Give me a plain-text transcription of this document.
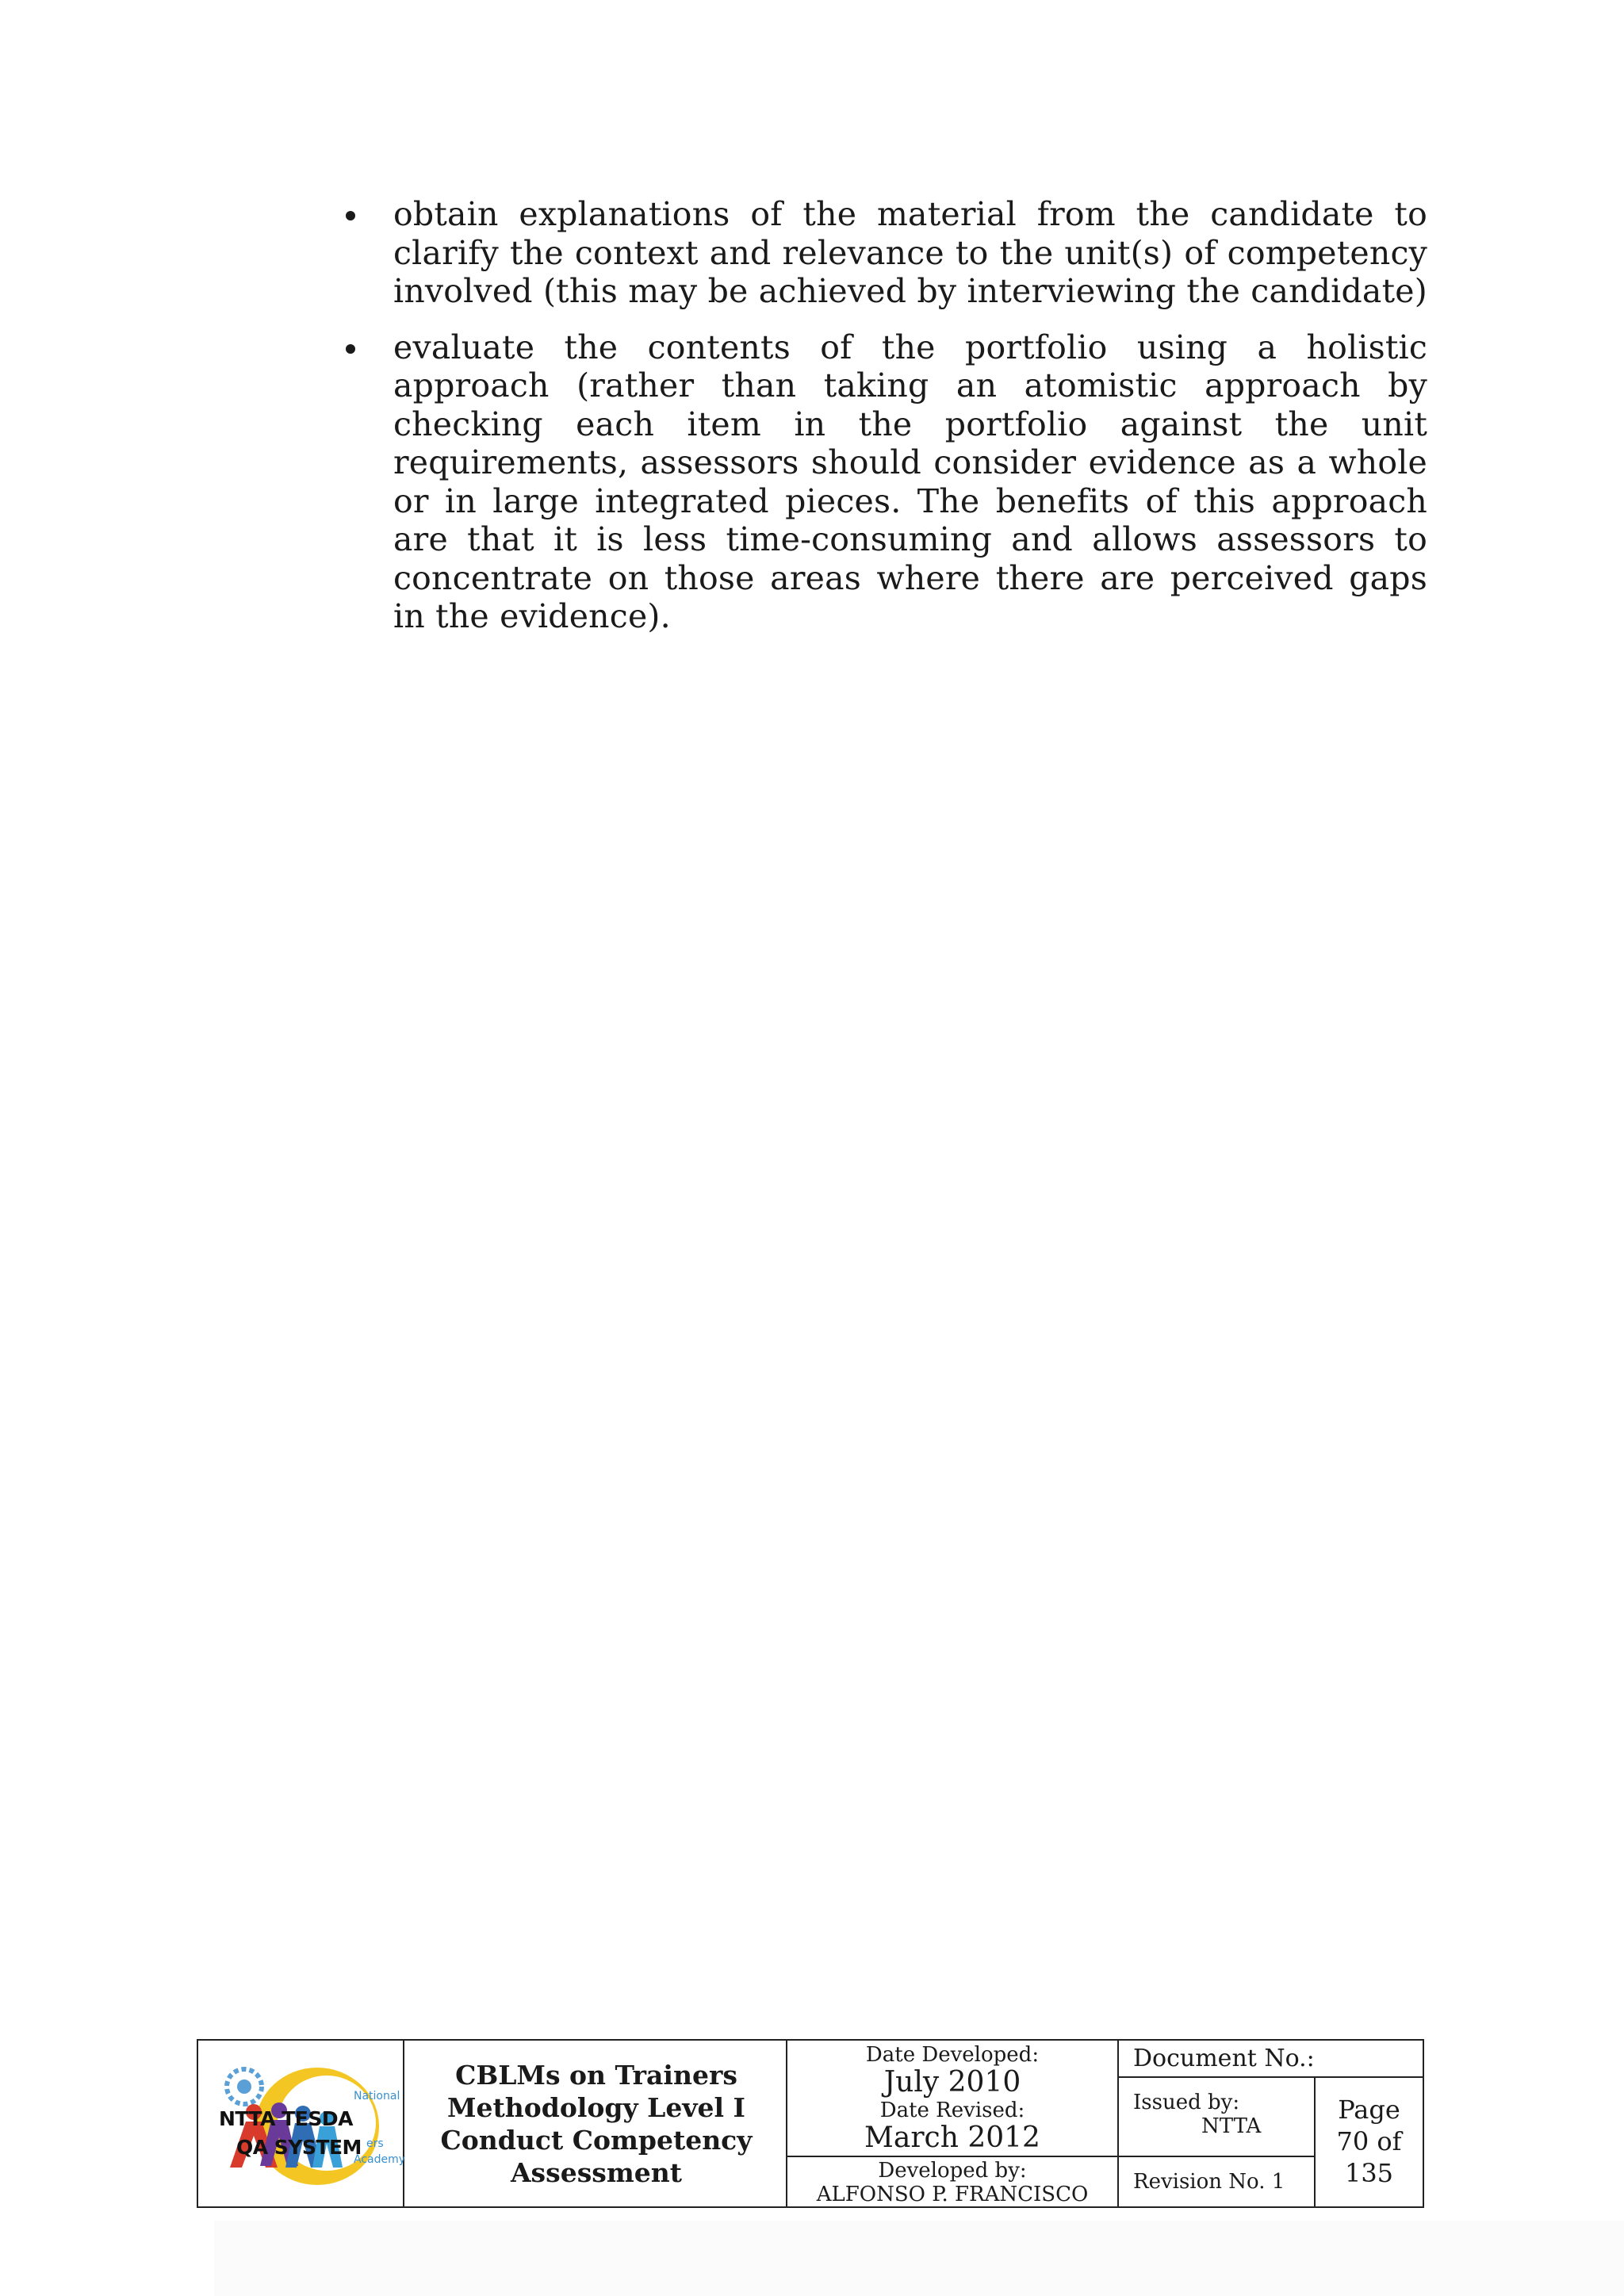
obtain explanations of the material from the candidate to clarify the context and relevance to the unit(s) of competency involved (this may be achieved by interviewing the candidate)
evaluate the contents of the portfolio using a holistic approach (rather than taking an atomistic approach by checking each item in the portfolio against the unit requirements, assessors should consider evidence as a whole or in large integrated pieces. The benefits of this approach are that it is less time-consuming and allows assessors to concentrate on those areas where there are perceived gaps in the evidence).
NTTA TESDA
QA SYSTEM
National
ers
Academy
CBLMs on Trainers
Methodology Level I
Conduct Competency
Assessment
Date Developed:
July 2010
Date Revised:
March 2012
Developed by:
ALFONSO P. FRANCISCO
Document No.:
Issued by:
NTTA
Revision No. 1
Page
70 of
135
